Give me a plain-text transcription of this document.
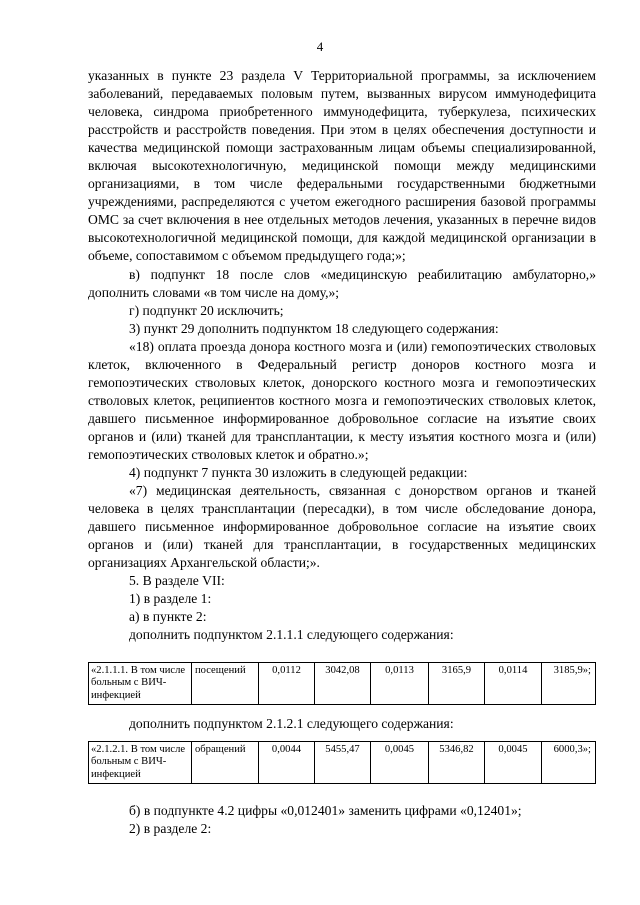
4

указанных в пункте 23 раздела V Территориальной программы, за исключением заболеваний, передаваемых половым путем, вызванных вирусом иммунодефицита человека, синдрома приобретенного иммунодефицита, туберкулеза, психических расстройств и расстройств поведения. При этом в целях обеспечения доступности и качества медицинской помощи застрахованным лицам объемы специализированной, включая высокотехнологичную, медицинской помощи между медицинскими организациями, в том числе федеральными государственными бюджетными учреждениями, распределяются с учетом ежегодного расширения базовой программы ОМС за счет включения в нее отдельных методов лечения, указанных в перечне видов высокотехнологичной медицинской помощи, для каждой медицинской организации в объеме, сопоставимом с объемом предыдущего года;»;

в) подпункт 18 после слов «медицинскую реабилитацию амбулаторно,» дополнить словами «в том числе на дому,»;

г) подпункт 20 исключить;

3) пункт 29 дополнить подпунктом 18 следующего содержания:

«18) оплата проезда донора костного мозга и (или) гемопоэтических стволовых клеток, включенного в Федеральный регистр доноров костного мозга и гемопоэтических стволовых клеток, донорского костного мозга и гемопоэтических стволовых клеток, реципиентов костного мозга и гемопоэтических стволовых клеток, давшего письменное информированное добровольное согласие на изъятие своих органов и (или) тканей для трансплантации, к месту изъятия костного мозга и (или) гемопоэтических стволовых клеток и обратно.»;

4) подпункт 7 пункта 30 изложить в следующей редакции:

«7) медицинская деятельность, связанная с донорством органов и тканей человека в целях трансплантации (пересадки), в том числе обследование донора, давшего письменное информированное добровольное согласие на изъятие своих органов и (или) тканей для трансплантации, в государственных медицинских организациях Архангельской области;».

5. В разделе VII:

1) в разделе 1:

а) в пункте 2:

дополнить подпунктом 2.1.1.1 следующего содержания:

«2.1.1.1. В том числе больным с ВИЧ-инфекцией	посещений	0,0112	3042,08	0,0113	3165,9	0,0114	3185,9»;
дополнить подпунктом 2.1.2.1 следующего содержания:
«2.1.2.1. В том числе больным с ВИЧ-инфекцией	обращений	0,0044	5455,47	0,0045	5346,82	0,0045	6000,3»;

б) в подпункте 4.2 цифры «0,012401» заменить цифрами «0,12401»;

2) в разделе 2:
